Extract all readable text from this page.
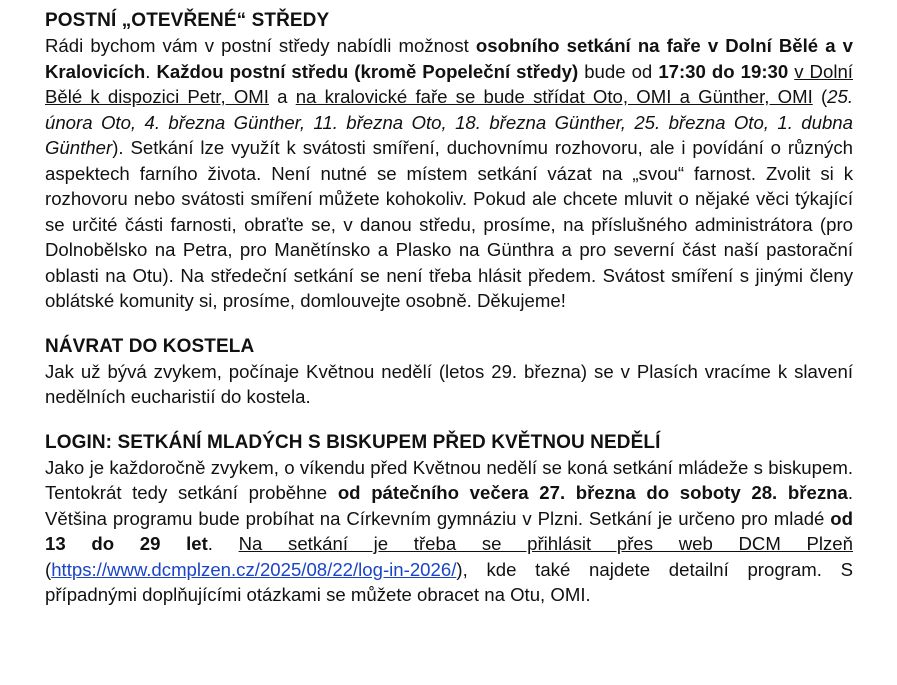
POSTNÍ „OTEVŘENÉ“ STŘEDY

Rádi bychom vám v postní středy nabídli možnost osobního setkání na faře v Dolní Bělé a v Kralovicích. Každou postní středu (kromě Popeleční středy) bude od 17:30 do 19:30 v Dolní Bělé k dispozici Petr, OMI a na kralovické faře se bude střídat Oto, OMI a Günther, OMI (25. února Oto, 4. března Günther, 11. března Oto, 18. března Günther, 25. března Oto, 1. dubna Günther). Setkání lze využít k svátosti smíření, duchovnímu rozhovoru, ale i povídání o různých aspektech farního života. Není nutné se místem setkání vázat na „svou“ farnost. Zvolit si k rozhovoru nebo svátosti smíření můžete kohokoliv. Pokud ale chcete mluvit o nějaké věci týkající se určité části farnosti, obraťte se, v danou středu, prosíme, na příslušného administrátora (pro Dolnobělsko na Petra, pro Manětínsko a Plasko na Günthra a pro severní část naší pastorační oblasti na Otu). Na středeční setkání se není třeba hlásit předem. Svátost smíření s jinými členy oblátské komunity si, prosíme, domlouvejte osobně. Děkujeme!

NÁVRAT DO KOSTELA

Jak už bývá zvykem, počínaje Květnou nedělí (letos 29. března) se v Plasích vracíme k slavení nedělních eucharistií do kostela.

LOGIN: SETKÁNÍ MLADÝCH S BISKUPEM PŘED KVĚTNOU NEDĚLÍ

Jako je každoročně zvykem, o víkendu před Květnou nedělí se koná setkání mládeže s biskupem. Tentokrát tedy setkání proběhne od pátečního večera 27. března do soboty 28. března. Většina programu bude probíhat na Církevním gymnáziu v Plzni. Setkání je určeno pro mladé od 13 do 29 let. Na setkání je třeba se přihlásit přes web DCM Plzeň (https://www.dcmplzen.cz/2025/08/22/log-in-2026/), kde také najdete detailní program. S případnými doplňujícími otázkami se můžete obracet na Otu, OMI.
